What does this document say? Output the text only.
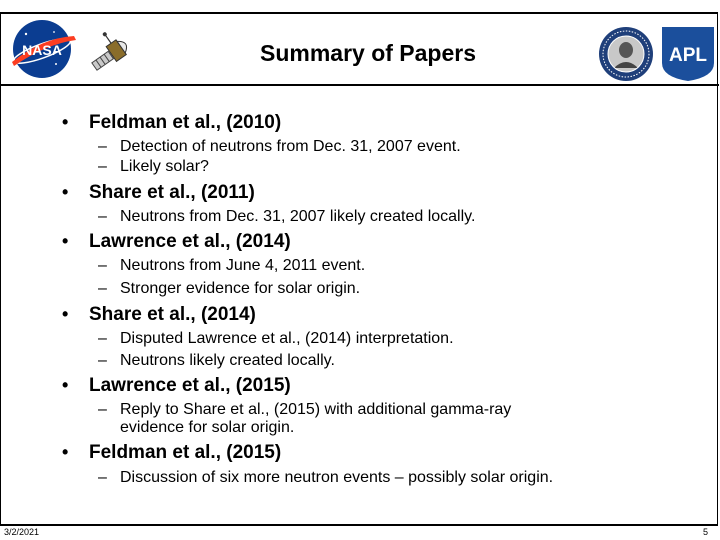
NASA	Summary of Papers	APL
• Feldman et al., (2010)
– Detection of neutrons from Dec. 31, 2007 event.
– Likely solar?
• Share et al., (2011)
– Neutrons from Dec. 31, 2007 likely created locally.
• Lawrence et al., (2014)
– Neutrons from June 4, 2011 event.
– Stronger evidence for solar origin.
• Share et al., (2014)
– Disputed Lawrence et al., (2014) interpretation.
– Neutrons likely created locally.
• Lawrence et al., (2015)
– Reply to Share et al., (2015) with additional gamma-ray
evidence for solar origin.
• Feldman et al., (2015)
– Discussion of six more neutron events – possibly solar origin.
3/2/2021	5
